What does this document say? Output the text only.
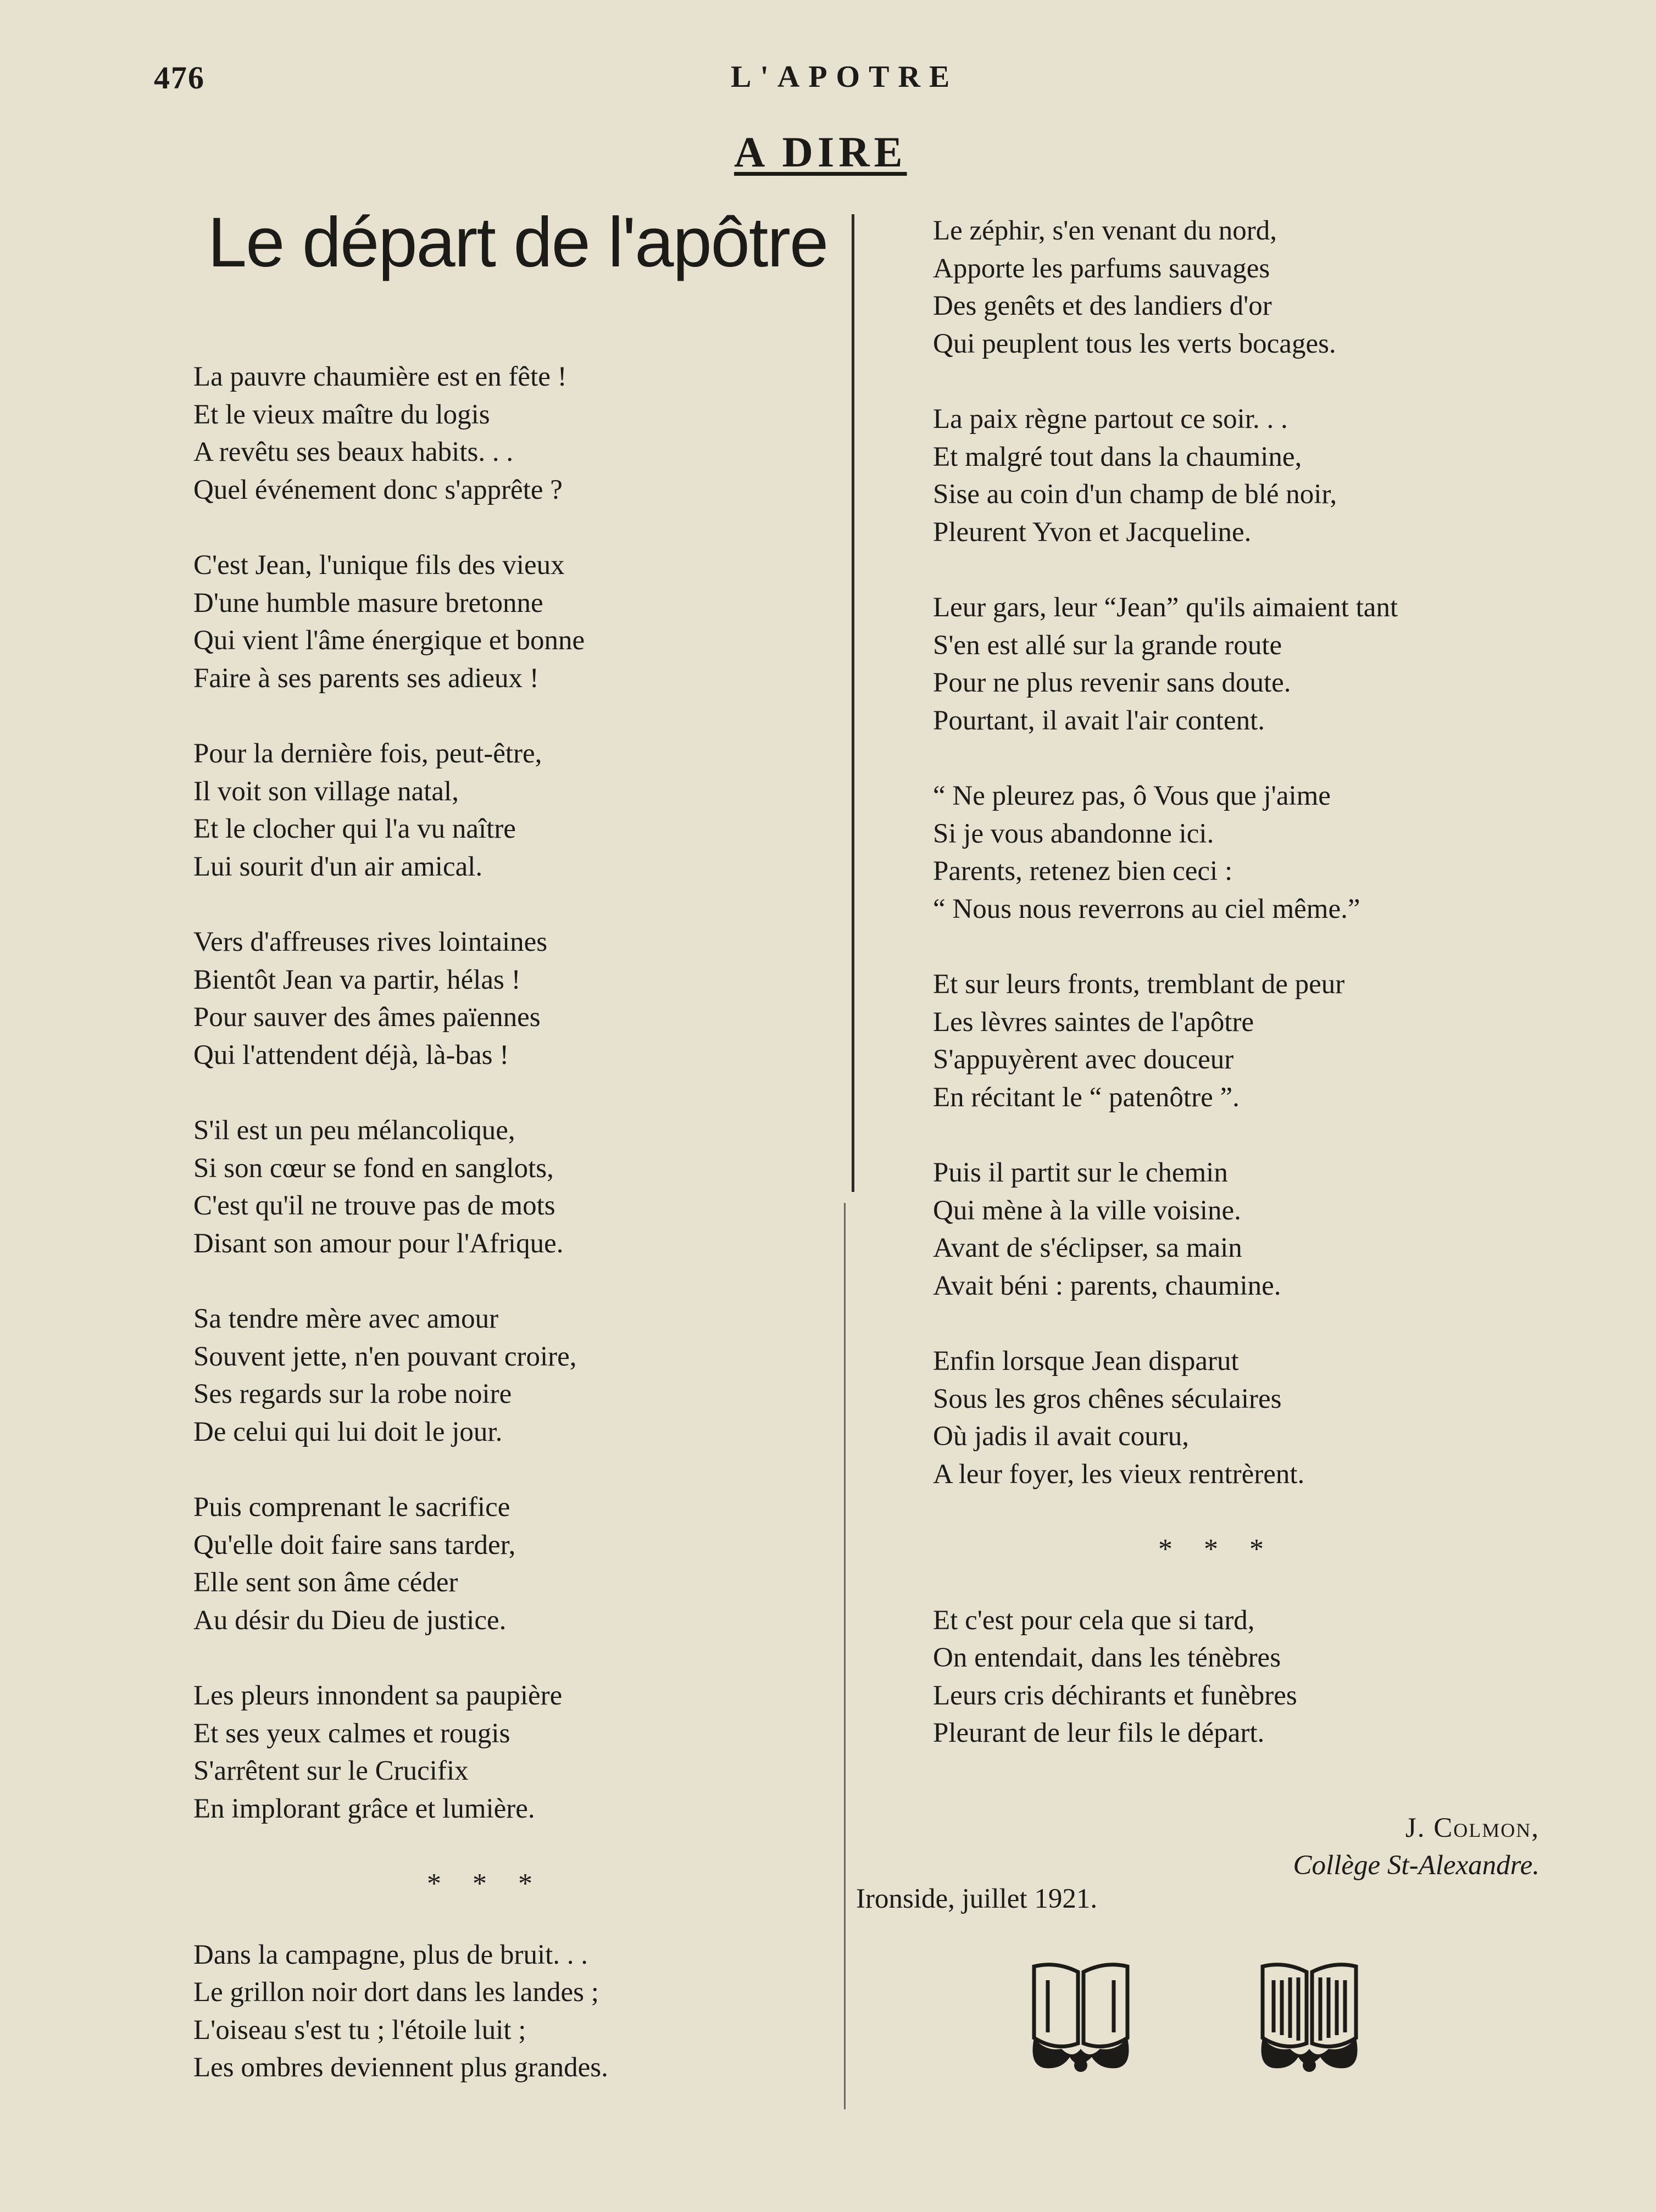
476	L'APOTRE
A DIRE
Le départ de l'apôtre
La pauvre chaumière est en fête !
Et le vieux maître du logis
A revêtu ses beaux habits. . .
Quel événement donc s'apprête ?
C'est Jean, l'unique fils des vieux
D'une humble masure bretonne
Qui vient l'âme énergique et bonne
Faire à ses parents ses adieux !
Pour la dernière fois, peut-être,
Il voit son village natal,
Et le clocher qui l'a vu naître
Lui sourit d'un air amical.
Vers d'affreuses rives lointaines
Bientôt Jean va partir, hélas !
Pour sauver des âmes païennes
Qui l'attendent déjà, là-bas !
S'il est un peu mélancolique,
Si son cœur se fond en sanglots,
C'est qu'il ne trouve pas de mots
Disant son amour pour l'Afrique.
Sa tendre mère avec amour
Souvent jette, n'en pouvant croire,
Ses regards sur la robe noire
De celui qui lui doit le jour.
Puis comprenant le sacrifice
Qu'elle doit faire sans tarder,
Elle sent son âme céder
Au désir du Dieu de justice.
Les pleurs innondent sa paupière
Et ses yeux calmes et rougis
S'arrêtent sur le Crucifix
En implorant grâce et lumière.
* * *
Dans la campagne, plus de bruit. . .
Le grillon noir dort dans les landes ;
L'oiseau s'est tu ; l'étoile luit ;
Les ombres deviennent plus grandes.
Le zéphir, s'en venant du nord,
Apporte les parfums sauvages
Des genêts et des landiers d'or
Qui peuplent tous les verts bocages.
La paix règne partout ce soir. . .
Et malgré tout dans la chaumine,
Sise au coin d'un champ de blé noir,
Pleurent Yvon et Jacqueline.
Leur gars, leur “Jean” qu'ils aimaient tant
S'en est allé sur la grande route
Pour ne plus revenir sans doute.
Pourtant, il avait l'air content.
“ Ne pleurez pas, ô Vous que j'aime
Si je vous abandonne ici.
Parents, retenez bien ceci :
“ Nous nous reverrons au ciel même.”
Et sur leurs fronts, tremblant de peur
Les lèvres saintes de l'apôtre
S'appuyèrent avec douceur
En récitant le “ patenôtre ”.
Puis il partit sur le chemin
Qui mène à la ville voisine.
Avant de s'éclipser, sa main
Avait béni : parents, chaumine.
Enfin lorsque Jean disparut
Sous les gros chênes séculaires
Où jadis il avait couru,
A leur foyer, les vieux rentrèrent.
* * *
Et c'est pour cela que si tard,
On entendait, dans les ténèbres
Leurs cris déchirants et funèbres
Pleurant de leur fils le départ.
J. Colmon,
Collège St-Alexandre.
Ironside, juillet 1921.
